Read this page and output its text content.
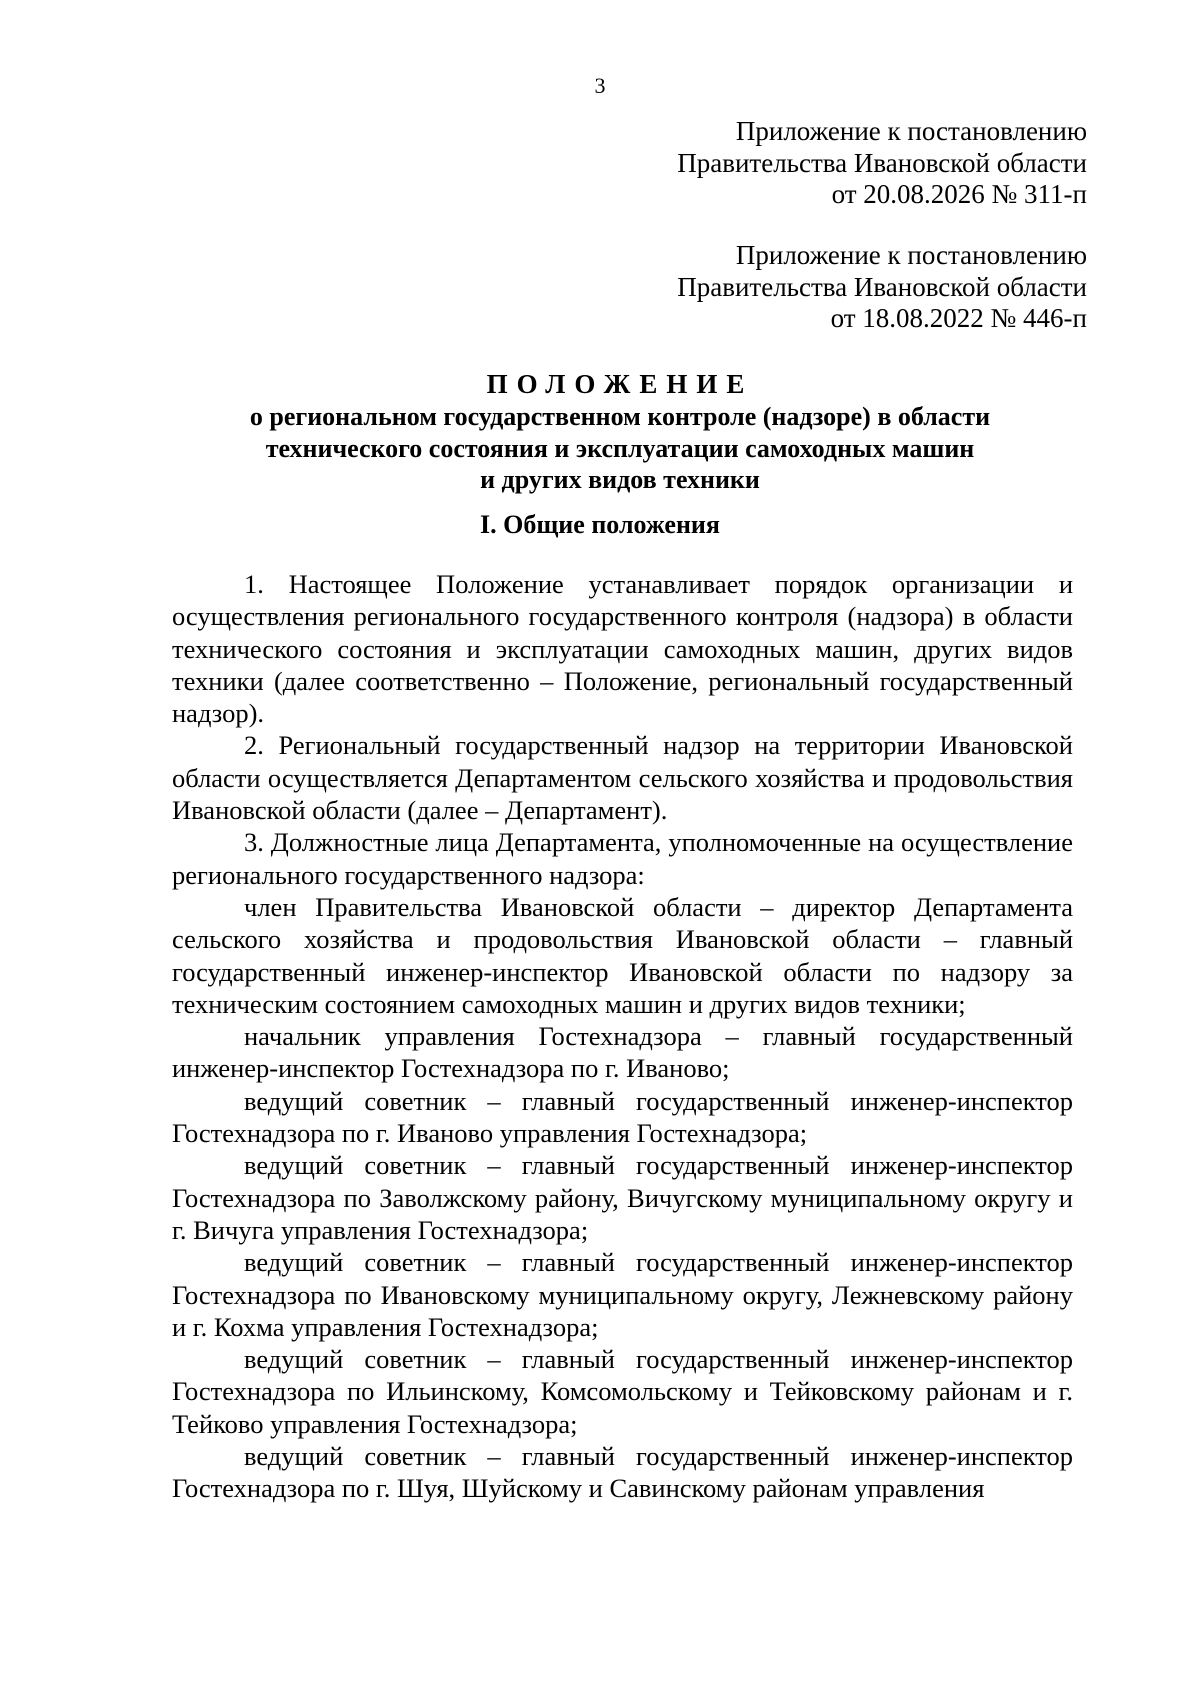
3
Приложение к постановлению
Правительства Ивановской области
от 20.08.2026 № 311-п
Приложение к постановлению
Правительства Ивановской области
от 18.08.2022 № 446-п

ПОЛОЖЕНИЕ

о региональном государственном контроле (надзоре) в области
технического состояния и эксплуатации самоходных машин
и других видов техники

I. Общие положения

1. Настоящее Положение устанавливает порядок организации и осуществления регионального государственного контроля (надзора) в области технического состояния и эксплуатации самоходных машин, других видов техники (далее соответственно – Положение, региональный государственный надзор).

2. Региональный государственный надзор на территории Ивановской области осуществляется Департаментом сельского хозяйства и продовольствия Ивановской области (далее – Департамент).

3. Должностные лица Департамента, уполномоченные на осуществление регионального государственного надзора:

член Правительства Ивановской области – директор Департамента сельского хозяйства и продовольствия Ивановской области – главный государственный инженер-инспектор Ивановской области по надзору за техническим состоянием самоходных машин и других видов техники;

начальник управления Гостехнадзора – главный государственный инженер-инспектор Гостехнадзора по г. Иваново;

ведущий советник – главный государственный инженер-инспектор Гостехнадзора по г. Иваново управления Гостехнадзора;

ведущий советник – главный государственный инженер-инспектор Гостехнадзора по Заволжскому району, Вичугскому муниципальному округу и г. Вичуга управления Гостехнадзора;

ведущий советник – главный государственный инженер-инспектор Гостехнадзора по Ивановскому муниципальному округу, Лежневскому району и г. Кохма управления Гостехнадзора;

ведущий советник – главный государственный инженер-инспектор Гостехнадзора по Ильинскому, Комсомольскому и Тейковскому районам и г. Тейково управления Гостехнадзора;

ведущий советник – главный государственный инженер-инспектор Гостехнадзора по г. Шуя, Шуйскому и Савинскому районам управления
